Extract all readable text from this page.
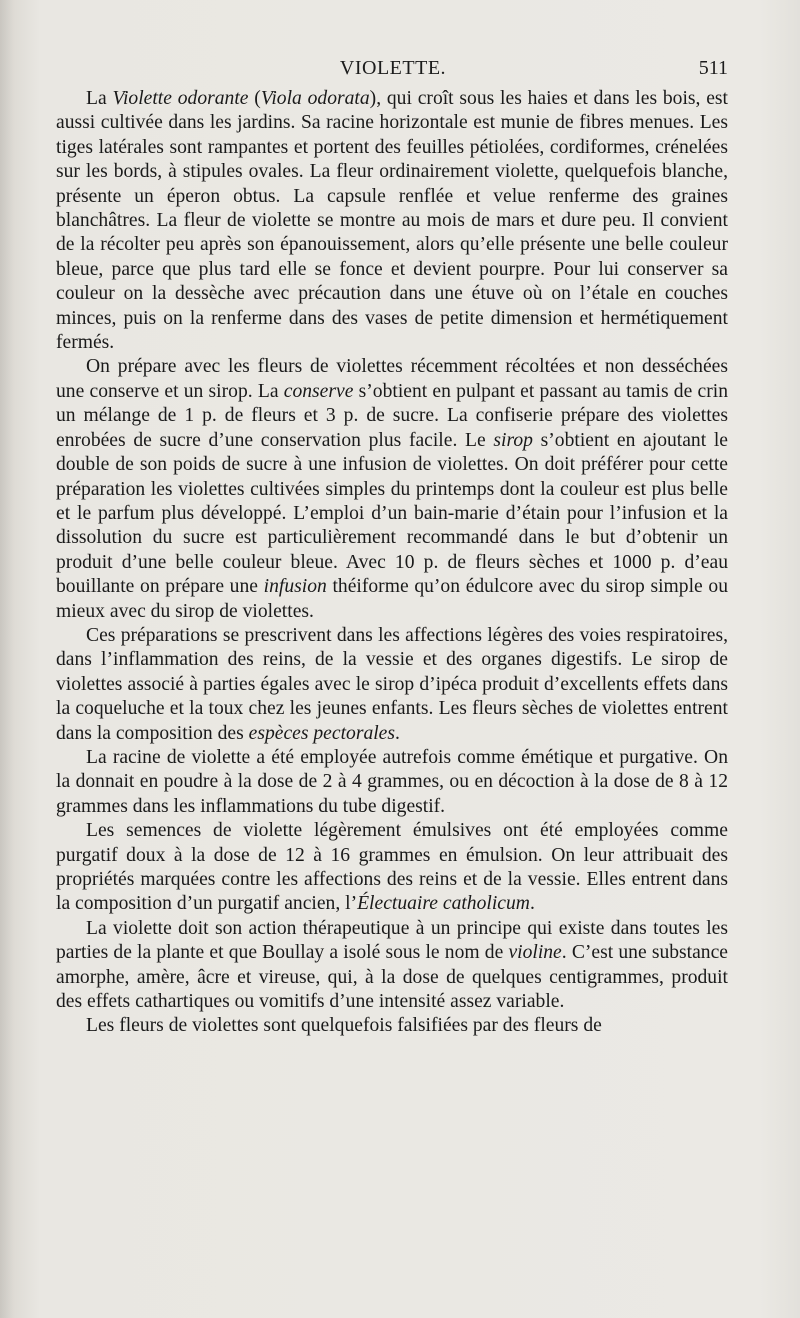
VIOLETTE.	511

La Violette odorante (Viola odorata), qui croît sous les haies et dans les bois, est aussi cultivée dans les jardins. Sa racine horizontale est munie de fibres menues. Les tiges latérales sont rampantes et portent des feuilles pétiolées, cordiformes, crénelées sur les bords, à stipules ovales. La fleur ordinairement violette, quelquefois blanche, présente un éperon obtus. La capsule renflée et velue renferme des graines blanchâtres. La fleur de violette se montre au mois de mars et dure peu. Il convient de la récolter peu après son épanouissement, alors qu’elle présente une belle couleur bleue, parce que plus tard elle se fonce et devient pourpre. Pour lui conserver sa couleur on la dessèche avec précaution dans une étuve où on l’étale en couches minces, puis on la renferme dans des vases de petite dimension et hermétiquement fermés.

On prépare avec les fleurs de violettes récemment récoltées et non desséchées une conserve et un sirop. La conserve s’obtient en pulpant et passant au tamis de crin un mélange de 1 p. de fleurs et 3 p. de sucre. La confiserie prépare des violettes enrobées de sucre d’une conservation plus facile. Le sirop s’obtient en ajoutant le double de son poids de sucre à une infusion de violettes. On doit préférer pour cette préparation les violettes cultivées simples du printemps dont la couleur est plus belle et le parfum plus développé. L’emploi d’un bain-marie d’étain pour l’infusion et la dissolution du sucre est particulièrement recommandé dans le but d’obtenir un produit d’une belle couleur bleue. Avec 10 p. de fleurs sèches et 1000 p. d’eau bouillante on prépare une infusion théiforme qu’on édulcore avec du sirop simple ou mieux avec du sirop de violettes.

Ces préparations se prescrivent dans les affections légères des voies respiratoires, dans l’inflammation des reins, de la vessie et des organes digestifs. Le sirop de violettes associé à parties égales avec le sirop d’ipéca produit d’excellents effets dans la coqueluche et la toux chez les jeunes enfants. Les fleurs sèches de violettes entrent dans la composition des espèces pectorales.

La racine de violette a été employée autrefois comme émétique et purgative. On la donnait en poudre à la dose de 2 à 4 grammes, ou en décoction à la dose de 8 à 12 grammes dans les inflammations du tube digestif.

Les semences de violette légèrement émulsives ont été employées comme purgatif doux à la dose de 12 à 16 grammes en émulsion. On leur attribuait des propriétés marquées contre les affections des reins et de la vessie. Elles entrent dans la composition d’un purgatif ancien, l’Électuaire catholicum.

La violette doit son action thérapeutique à un principe qui existe dans toutes les parties de la plante et que Boullay a isolé sous le nom de violine. C’est une substance amorphe, amère, âcre et vireuse, qui, à la dose de quelques centigrammes, produit des effets cathartiques ou vomitifs d’une intensité assez variable.

Les fleurs de violettes sont quelquefois falsifiées par des fleurs de
